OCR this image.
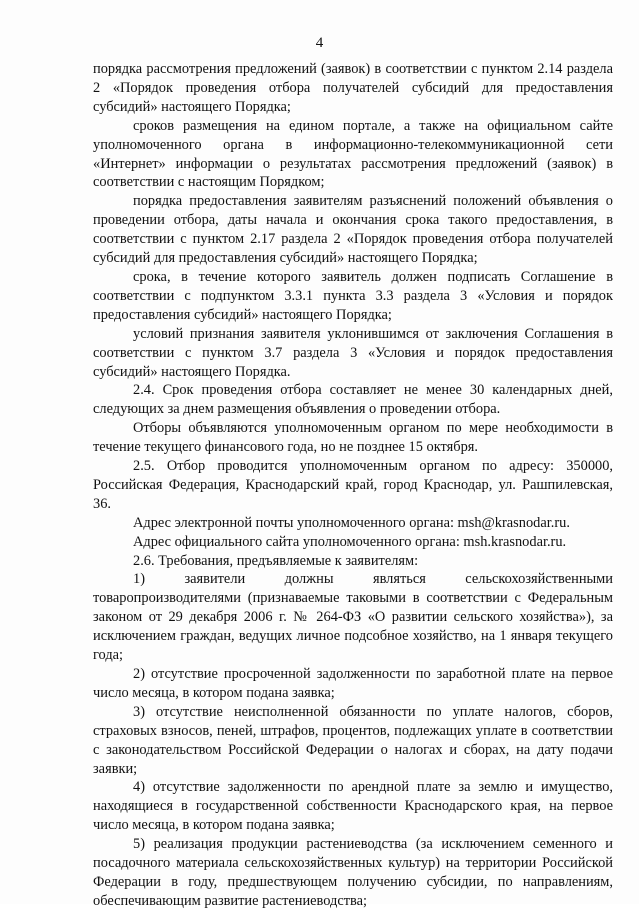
4

порядка рассмотрения предложений (заявок) в соответствии с пунктом 2.14 раздела 2 «Порядок проведения отбора получателей субсидий для предоставления субсидий» настоящего Порядка;

сроков размещения на едином портале, а также на официальном сайте уполномоченного органа в информационно-телекоммуникационной сети «Интернет» информации о результатах рассмотрения предложений (заявок) в соответствии с настоящим Порядком;

порядка предоставления заявителям разъяснений положений объявления о проведении отбора, даты начала и окончания срока такого предоставления, в соответствии с пунктом 2.17 раздела 2 «Порядок проведения отбора получателей субсидий для предоставления субсидий» настоящего Порядка;

срока, в течение которого заявитель должен подписать Соглашение в соответствии с подпунктом 3.3.1 пункта 3.3 раздела 3 «Условия и порядок предоставления субсидий» настоящего Порядка;

условий признания заявителя уклонившимся от заключения Соглашения в соответствии с пунктом 3.7 раздела 3 «Условия и порядок предоставления субсидий» настоящего Порядка.

2.4. Срок проведения отбора составляет не менее 30 календарных дней, следующих за днем размещения объявления о проведении отбора.

Отборы объявляются уполномоченным органом по мере необходимости в течение текущего финансового года, но не позднее 15 октября.

2.5. Отбор проводится уполномоченным органом по адресу: 350000, Российская Федерация, Краснодарский край, город Краснодар, ул. Рашпилевская, 36.

Адрес электронной почты уполномоченного органа: msh@krasnodar.ru.

Адрес официального сайта уполномоченного органа: msh.krasnodar.ru.

2.6. Требования, предъявляемые к заявителям:

1) заявители должны являться сельскохозяйственными товаропроизводителями (признаваемые таковыми в соответствии с Федеральным законом от 29 декабря 2006 г. № 264-ФЗ «О развитии сельского хозяйства»), за исключением граждан, ведущих личное подсобное хозяйство, на 1 января текущего года;

2) отсутствие просроченной задолженности по заработной плате на первое число месяца, в котором подана заявка;

3) отсутствие неисполненной обязанности по уплате налогов, сборов, страховых взносов, пеней, штрафов, процентов, подлежащих уплате в соответствии с законодательством Российской Федерации о налогах и сборах, на дату подачи заявки;

4) отсутствие задолженности по арендной плате за землю и имущество, находящиеся в государственной собственности Краснодарского края, на первое число месяца, в котором подана заявка;

5) реализация продукции растениеводства (за исключением семенного и посадочного материала сельскохозяйственных культур) на территории Российской Федерации в году, предшествующем получению субсидии, по направлениям, обеспечивающим развитие растениеводства;
